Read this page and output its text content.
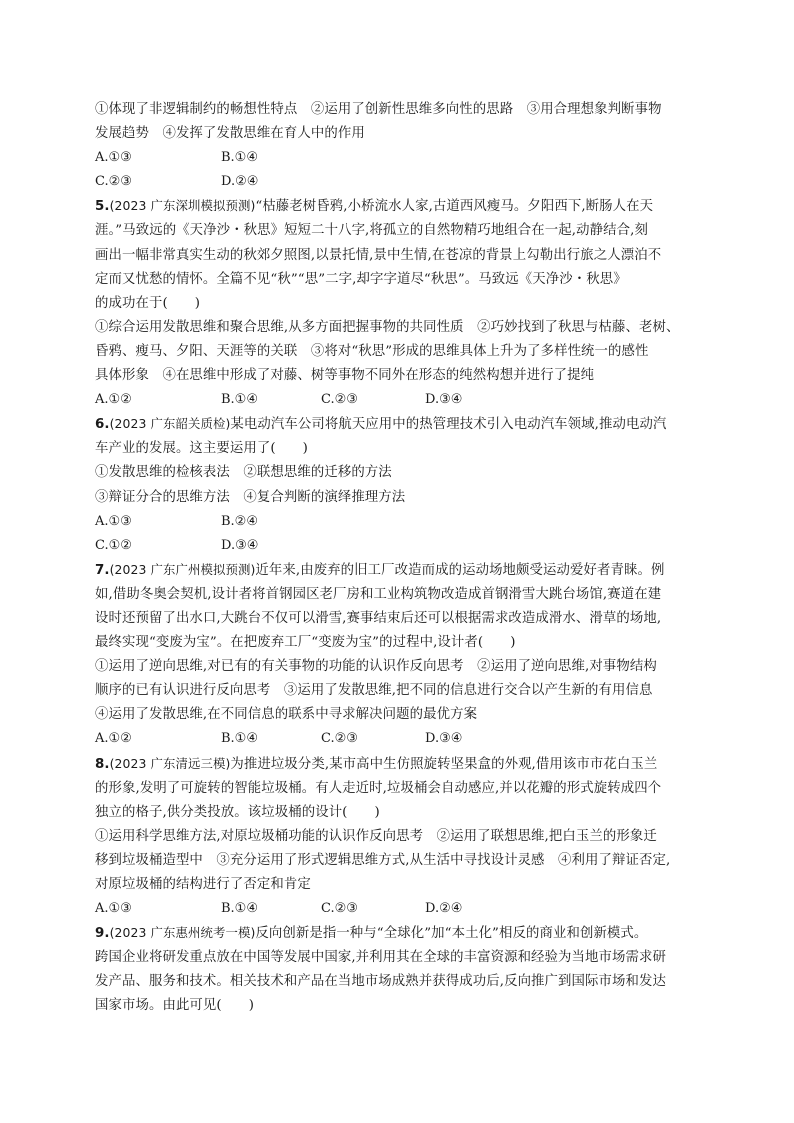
①体现了非逻辑制约的畅想性特点　②运用了创新性思维多向性的思路　③用合理想象判断事物
发展趋势　④发挥了发散思维在育人中的作用
A.①③	B.①④
C.②③	D.②④
5.(2023 广东深圳模拟预测)“枯藤老树昏鸦,小桥流水人家,古道西风瘦马。夕阳西下,断肠人在天
涯。”马致远的《天净沙・秋思》短短二十八字,将孤立的自然物精巧地组合在一起,动静结合,刻
画出一幅非常真实生动的秋郊夕照图,以景托情,景中生情,在苍凉的背景上勾勒出行旅之人漂泊不
定而又忧愁的情怀。全篇不见“秋”“思”二字,却字字道尽“秋思”。马致远《天净沙・秋思》
的成功在于(　　)
①综合运用发散思维和聚合思维,从多方面把握事物的共同性质　②巧妙找到了秋思与枯藤、老树、
昏鸦、瘦马、夕阳、天涯等的关联　③将对“秋思”形成的思维具体上升为了多样性统一的感性
具体形象　④在思维中形成了对藤、树等事物不同外在形态的纯然构想并进行了提纯
A.①②	B.①④	C.②③	D.③④
6.(2023 广东韶关质检)某电动汽车公司将航天应用中的热管理技术引入电动汽车领域,推动电动汽
车产业的发展。这主要运用了(　　)
①发散思维的检核表法　②联想思维的迁移的方法
③辩证分合的思维方法　④复合判断的演绎推理方法
A.①③	B.②④
C.①②	D.③④
7.(2023 广东广州模拟预测)近年来,由废弃的旧工厂改造而成的运动场地颇受运动爱好者青睐。例
如,借助冬奥会契机,设计者将首钢园区老厂房和工业构筑物改造成首钢滑雪大跳台场馆,赛道在建
设时还预留了出水口,大跳台不仅可以滑雪,赛事结束后还可以根据需求改造成滑水、滑草的场地,
最终实现“变废为宝”。在把废弃工厂“变废为宝”的过程中,设计者(　　)
①运用了逆向思维,对已有的有关事物的功能的认识作反向思考　②运用了逆向思维,对事物结构
顺序的已有认识进行反向思考　③运用了发散思维,把不同的信息进行交合以产生新的有用信息
④运用了发散思维,在不同信息的联系中寻求解决问题的最优方案
A.①②	B.①④	C.②③	D.③④
8.(2023 广东清远三模)为推进垃圾分类,某市高中生仿照旋转坚果盒的外观,借用该市市花白玉兰
的形象,发明了可旋转的智能垃圾桶。有人走近时,垃圾桶会自动感应,并以花瓣的形式旋转成四个
独立的格子,供分类投放。该垃圾桶的设计(　　)
①运用科学思维方法,对原垃圾桶功能的认识作反向思考　②运用了联想思维,把白玉兰的形象迁
移到垃圾桶造型中　③充分运用了形式逻辑思维方式,从生活中寻找设计灵感　④利用了辩证否定,
对原垃圾桶的结构进行了否定和肯定
A.①③	B.①④	C.②③	D.②④
9.(2023 广东惠州统考一模)反向创新是指一种与“全球化”加“本土化”相反的商业和创新模式。
跨国企业将研发重点放在中国等发展中国家,并利用其在全球的丰富资源和经验为当地市场需求研
发产品、服务和技术。相关技术和产品在当地市场成熟并获得成功后,反向推广到国际市场和发达
国家市场。由此可见(　　)
